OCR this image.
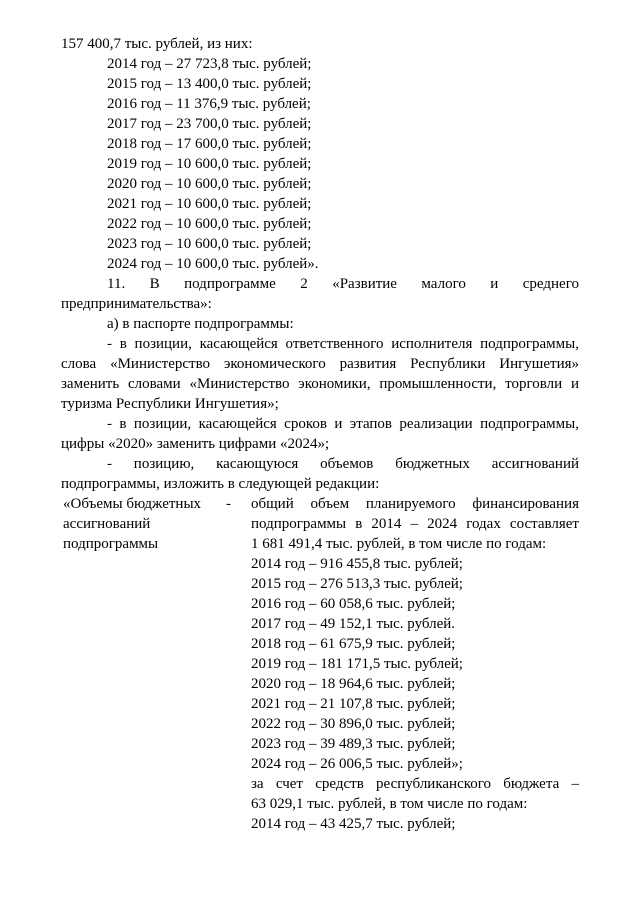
157 400,7 тыс. рублей, из них:
2014 год – 27 723,8 тыс. рублей;
2015 год – 13 400,0 тыс. рублей;
2016 год – 11 376,9 тыс. рублей;
2017 год – 23 700,0 тыс. рублей;
2018 год – 17 600,0 тыс. рублей;
2019 год – 10 600,0 тыс. рублей;
2020 год – 10 600,0 тыс. рублей;
2021 год – 10 600,0 тыс. рублей;
2022 год – 10 600,0 тыс. рублей;
2023 год – 10 600,0 тыс. рублей;
2024 год – 10 600,0 тыс. рублей».
11. В подпрограмме 2 «Развитие малого и среднего
предпринимательства»:
а) в паспорте подпрограммы:
- в позиции, касающейся ответственного исполнителя подпрограммы,
слова «Министерство экономического развития Республики Ингушетия»
заменить словами «Министерство экономики, промышленности, торговли и
туризма Республики Ингушетия»;
- в позиции, касающейся сроков и этапов реализации подпрограммы,
цифры «2020» заменить цифрами «2024»;
- позицию, касающуюся объемов бюджетных ассигнований
подпрограммы, изложить в следующей редакции:
«Объемы бюджетных -
ассигнований
подпрограммы
общий объем планируемого финансирования
подпрограммы в 2014 – 2024 годах составляет
1 681 491,4 тыс. рублей, в том числе по годам:
2014 год – 916 455,8 тыс. рублей;
2015 год – 276 513,3 тыс. рублей;
2016 год – 60 058,6 тыс. рублей;
2017 год – 49 152,1 тыс. рублей.
2018 год – 61 675,9 тыс. рублей;
2019 год – 181 171,5 тыс. рублей;
2020 год – 18 964,6 тыс. рублей;
2021 год – 21 107,8 тыс. рублей;
2022 год – 30 896,0 тыс. рублей;
2023 год – 39 489,3 тыс. рублей;
2024 год – 26 006,5 тыс. рублей»;
за счет средств республиканского бюджета –
63 029,1 тыс. рублей, в том числе по годам:
2014 год – 43 425,7 тыс. рублей;
